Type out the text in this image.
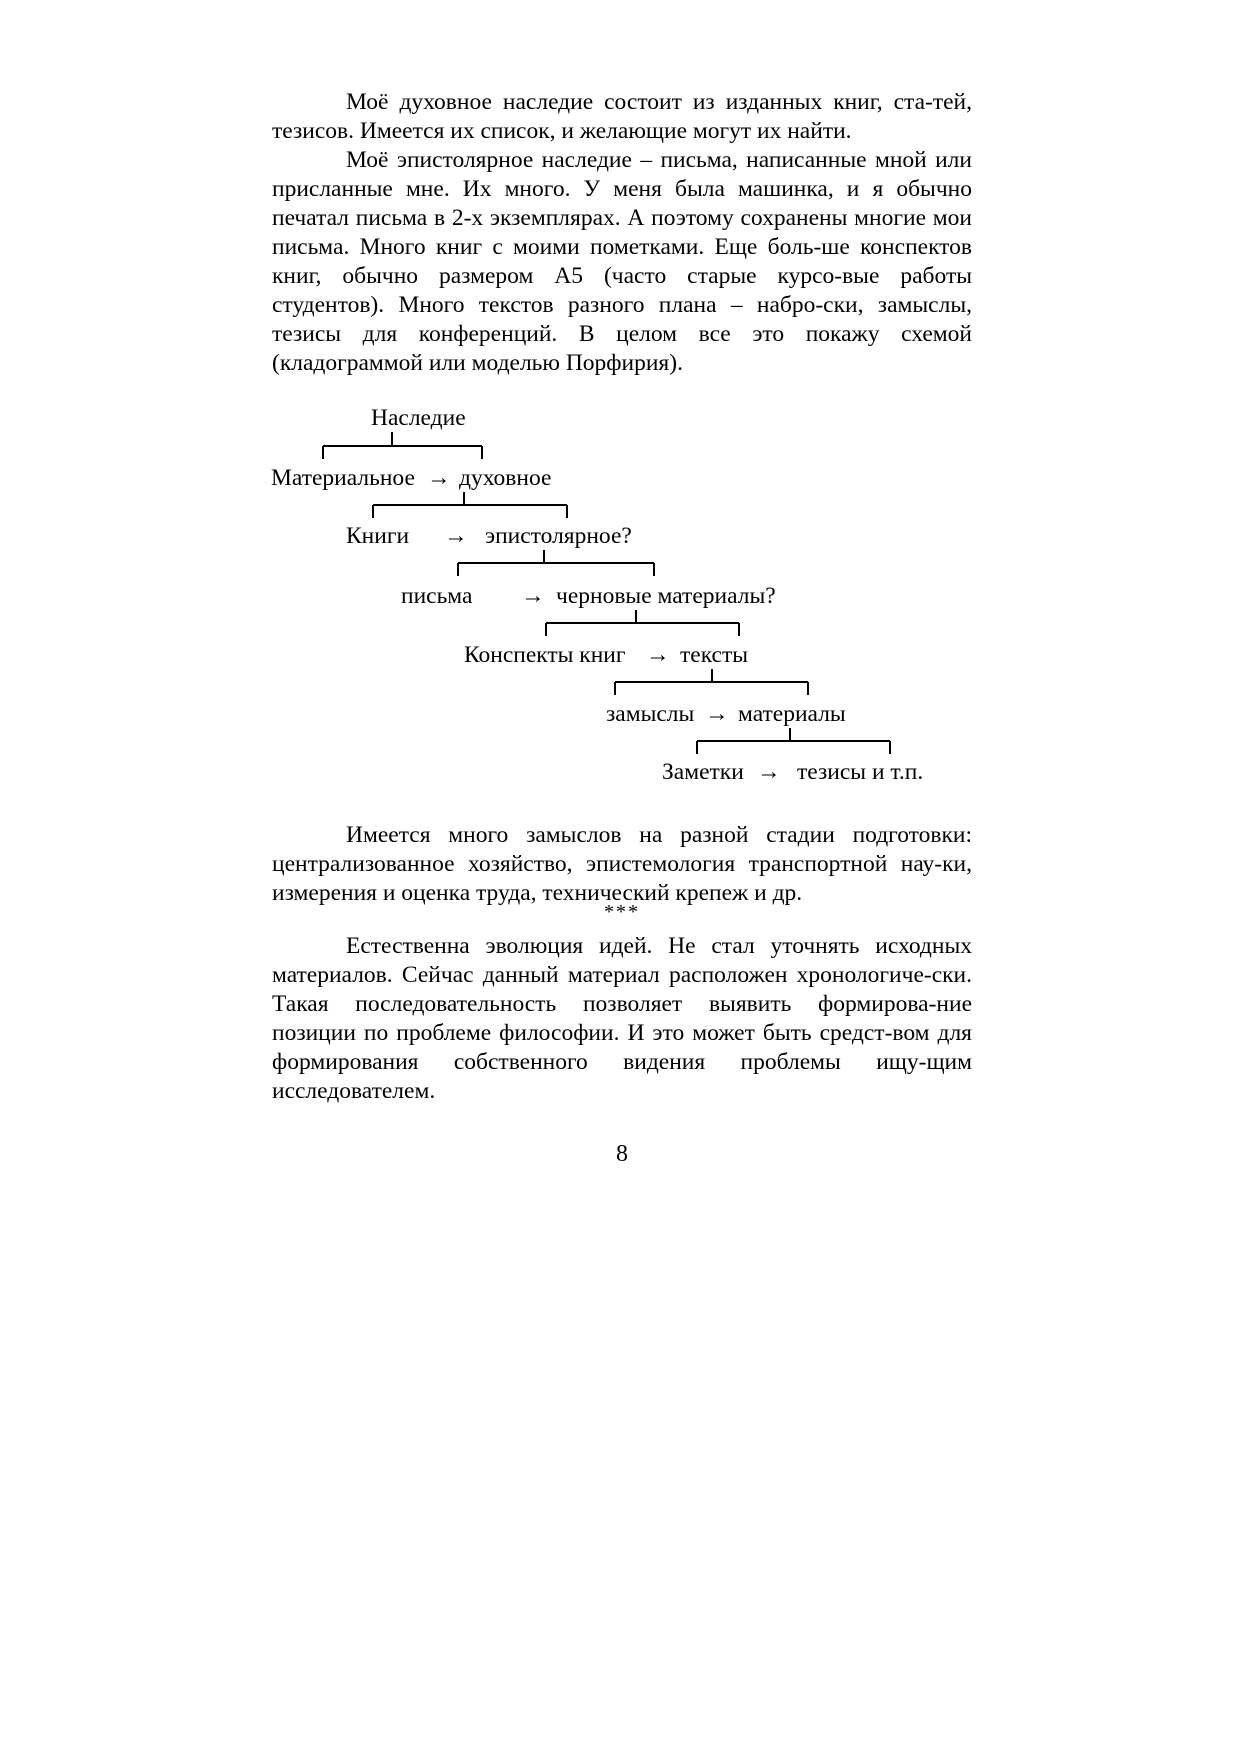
Моё духовное наследие состоит из изданных книг, ста-тей, тезисов. Имеется их список, и желающие могут их найти.

Моё эпистолярное наследие – письма, написанные мной или присланные мне. Их много. У меня была машинка, и я обычно печатал письма в 2-х экземплярах. А поэтому сохранены многие мои письма. Много книг с моими пометками. Еще боль-ше конспектов книг, обычно размером А5 (часто старые курсо-вые работы студентов). Много текстов разного плана – набро-ски, замыслы, тезисы для конференций. В целом все это покажу схемой (кладограммой или моделью Порфирия).

Наследие
Материальное → духовное
Книги → эпистолярное?
письма → черновые материалы?
Конспекты книг → тексты
замыслы → материалы
Заметки → тезисы и т.п.

Имеется много замыслов на разной стадии подготовки: централизованное хозяйство, эпистемология транспортной нау-ки, измерения и оценка труда, технический крепеж и др.

***

Естественна эволюция идей. Не стал уточнять исходных материалов. Сейчас данный материал расположен хронологиче-ски. Такая последовательность позволяет выявить формирова-ние позиции по проблеме философии. И это может быть средст-вом для формирования собственного видения проблемы ищу-щим исследователем.

8
